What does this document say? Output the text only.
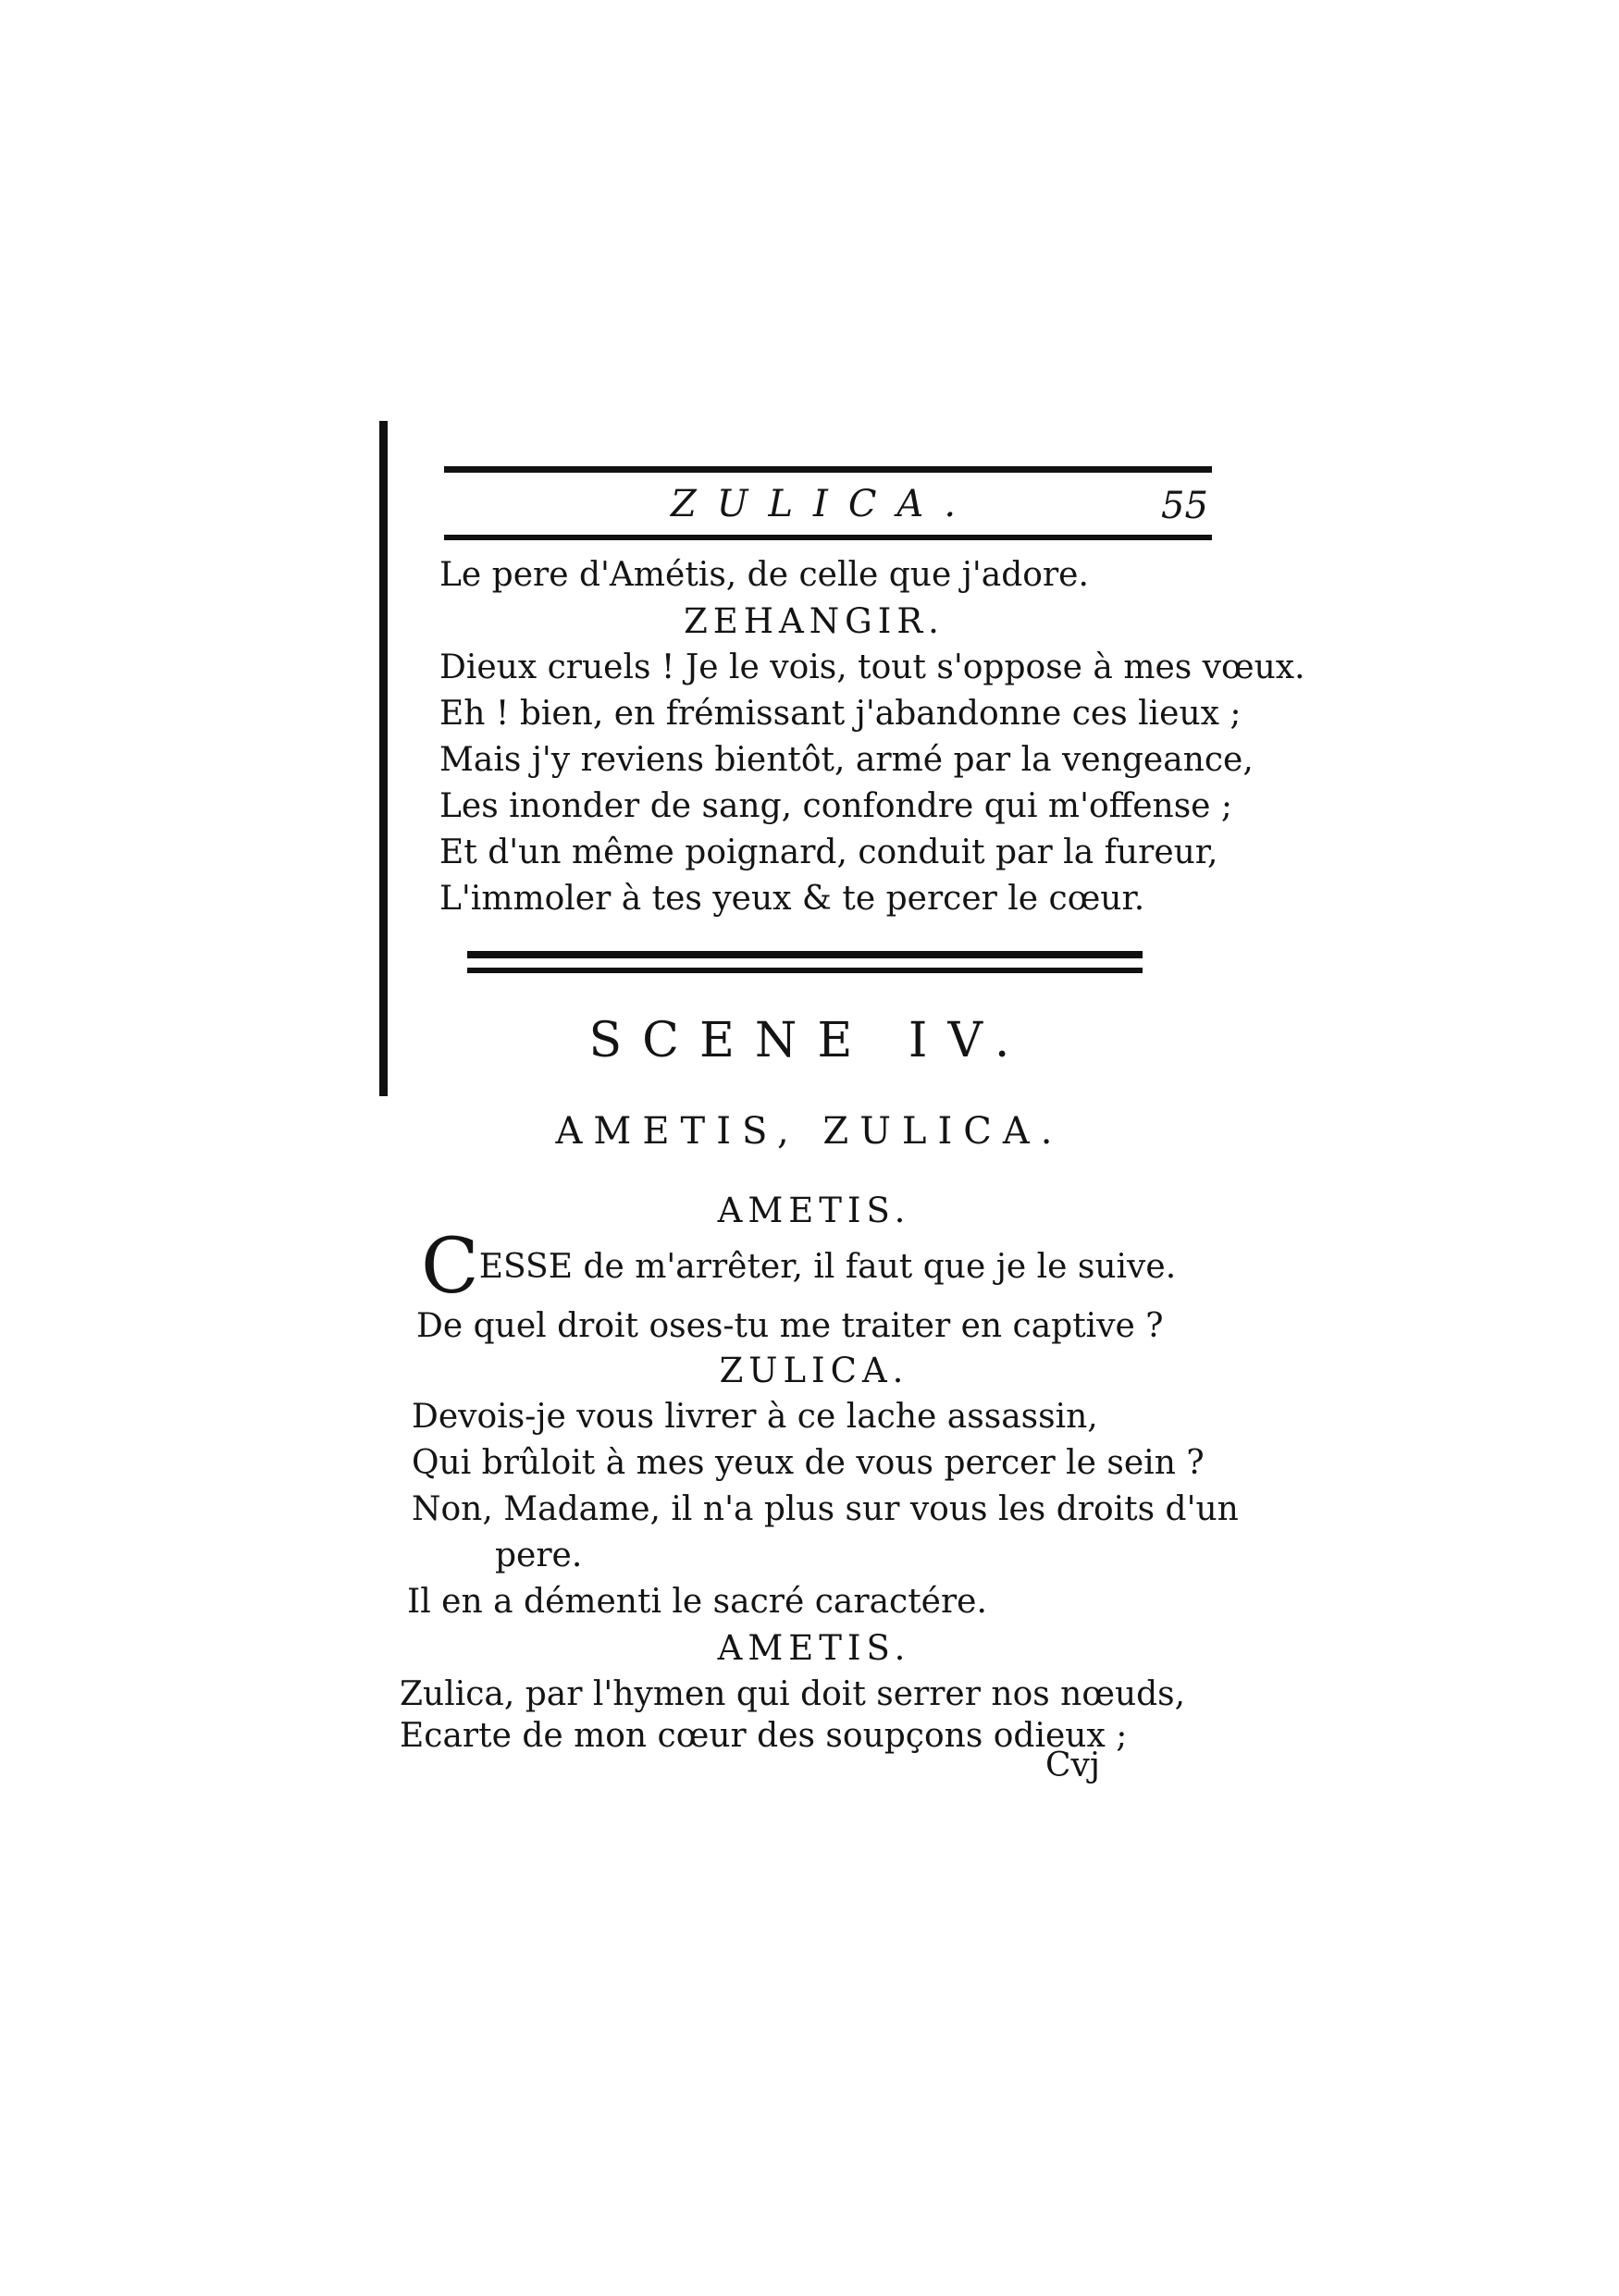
ZULICA.	55
Le pere d'Amétis, de celle que j'adore.
ZEHANGIR.
Dieux cruels ! Je le vois, tout s'oppose à mes vœux.
Eh ! bien, en frémissant j'abandonne ces lieux ;
Mais j'y reviens bientôt, armé par la vengeance,
Les inonder de sang, confondre qui m'offense ;
Et d'un même poignard, conduit par la fureur,
L'immoler à tes yeux & te percer le cœur.
SCENE IV.
AMETIS, ZULICA.
AMETIS.
CESSE de m'arrêter, il faut que je le suive.
De quel droit oses-tu me traiter en captive ?
ZULICA.
Devois-je vous livrer à ce lache assassin,
Qui brûloit à mes yeux de vous percer le sein ?
Non, Madame, il n'a plus sur vous les droits d'un
pere.
Il en a démenti le sacré caractére.
AMETIS.
Zulica, par l'hymen qui doit serrer nos nœuds,
Ecarte de mon cœur des soupçons odieux ;
Cvj
